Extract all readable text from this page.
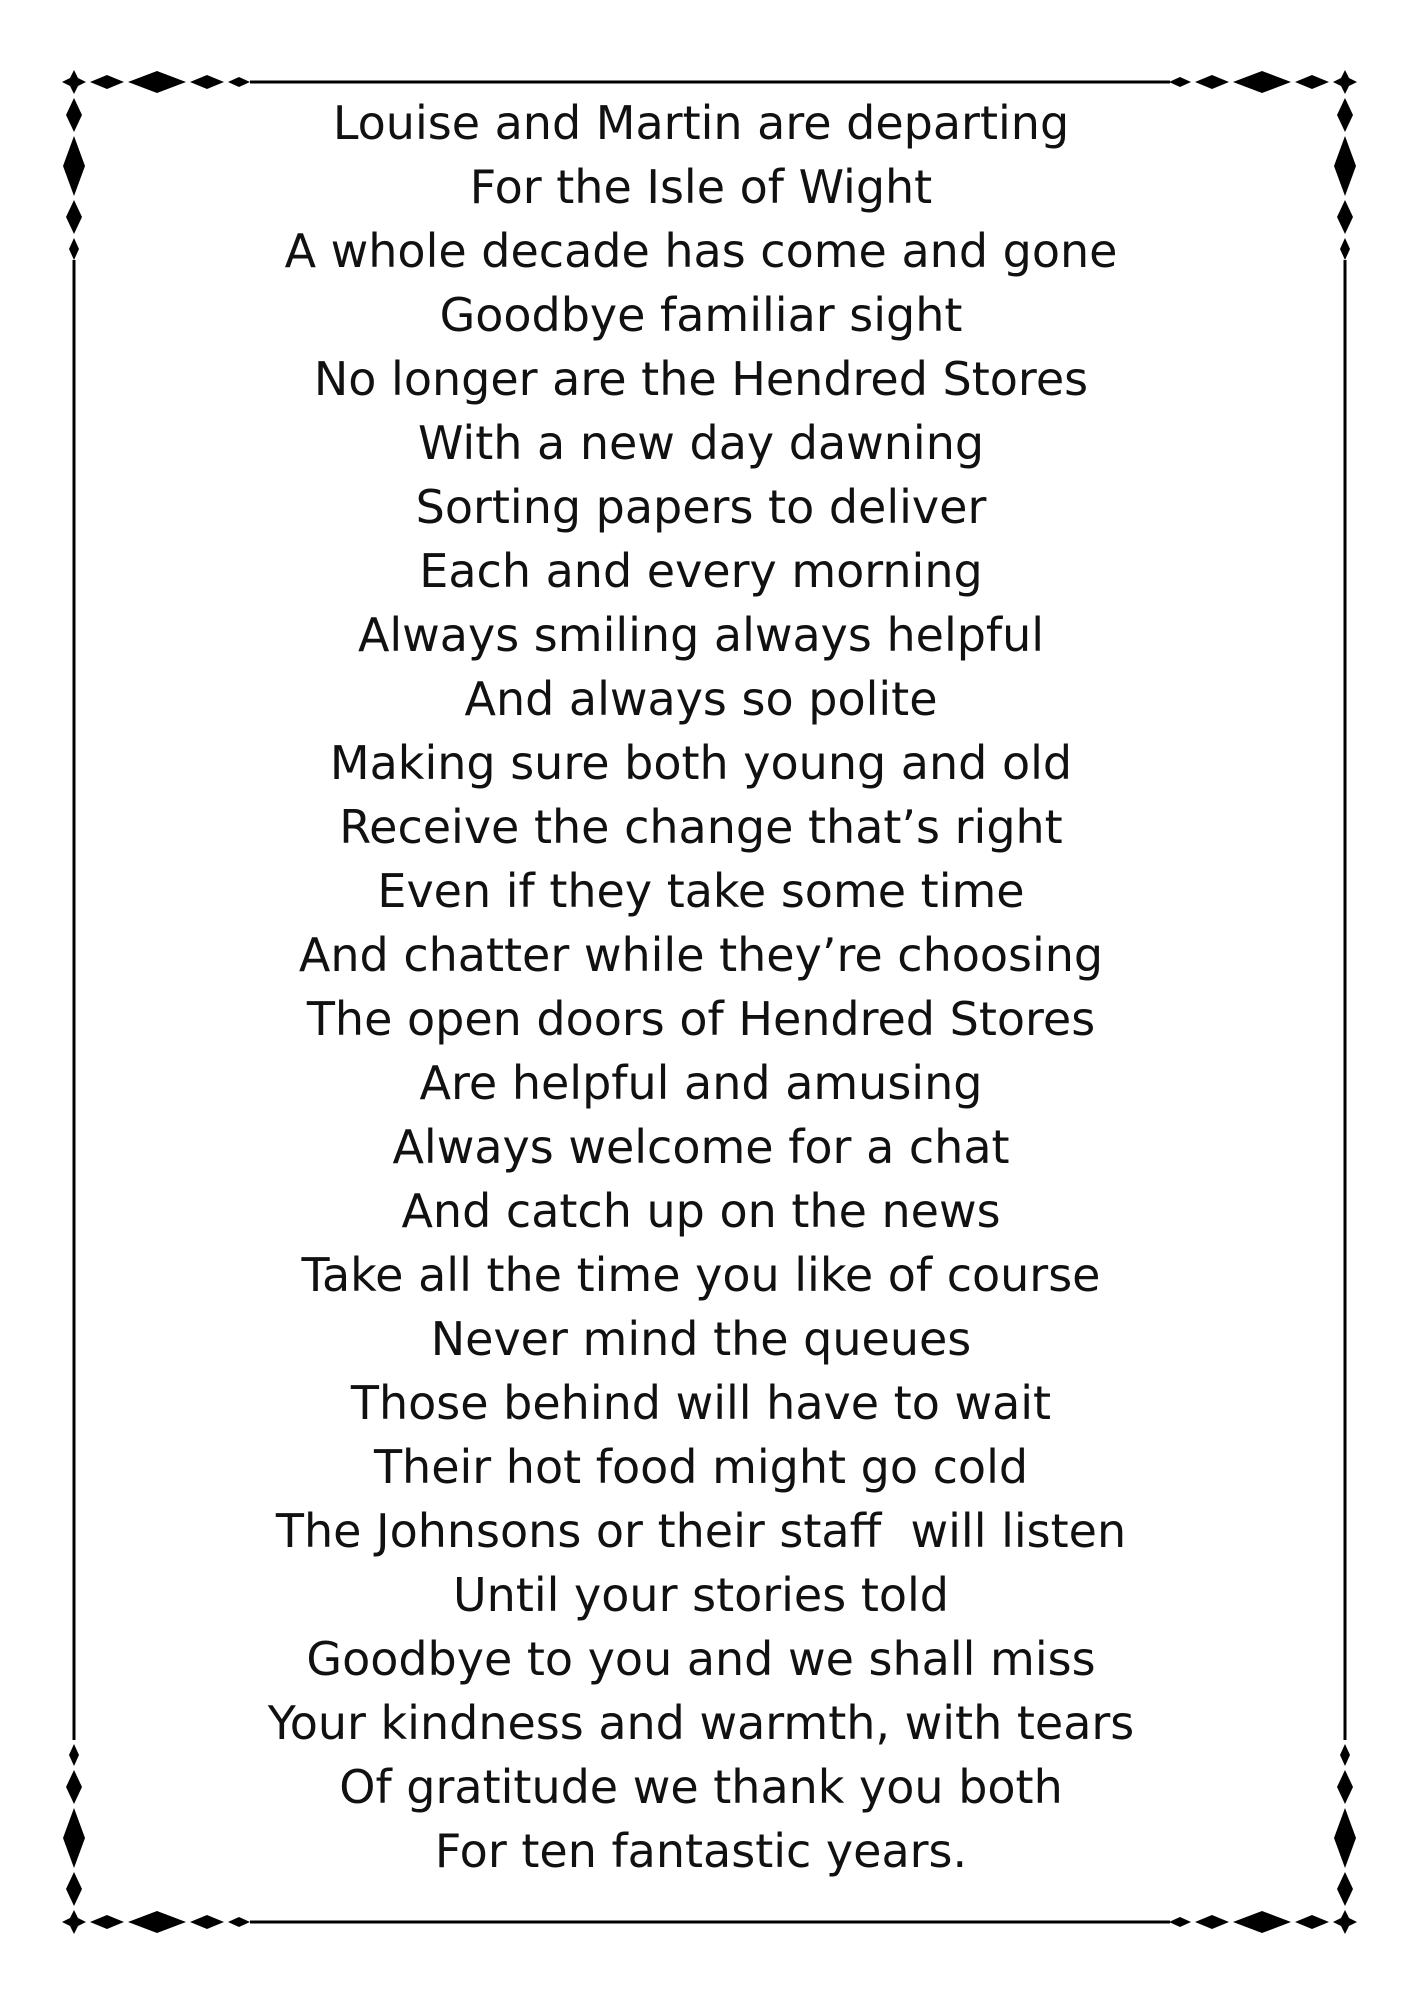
Louise and Martin are departing
For the Isle of Wight
A whole decade has come and gone
Goodbye familiar sight
No longer are the Hendred Stores
With a new day dawning
Sorting papers to deliver
Each and every morning
Always smiling always helpful
And always so polite
Making sure both young and old
Receive the change that’s right
Even if they take some time
And chatter while they’re choosing
The open doors of Hendred Stores
Are helpful and amusing
Always welcome for a chat
And catch up on the news
Take all the time you like of course
Never mind the queues
Those behind will have to wait
Their hot food might go cold
The Johnsons or their staff  will listen
Until your stories told
Goodbye to you and we shall miss
Your kindness and warmth, with tears
Of gratitude we thank you both
For ten fantastic years.
